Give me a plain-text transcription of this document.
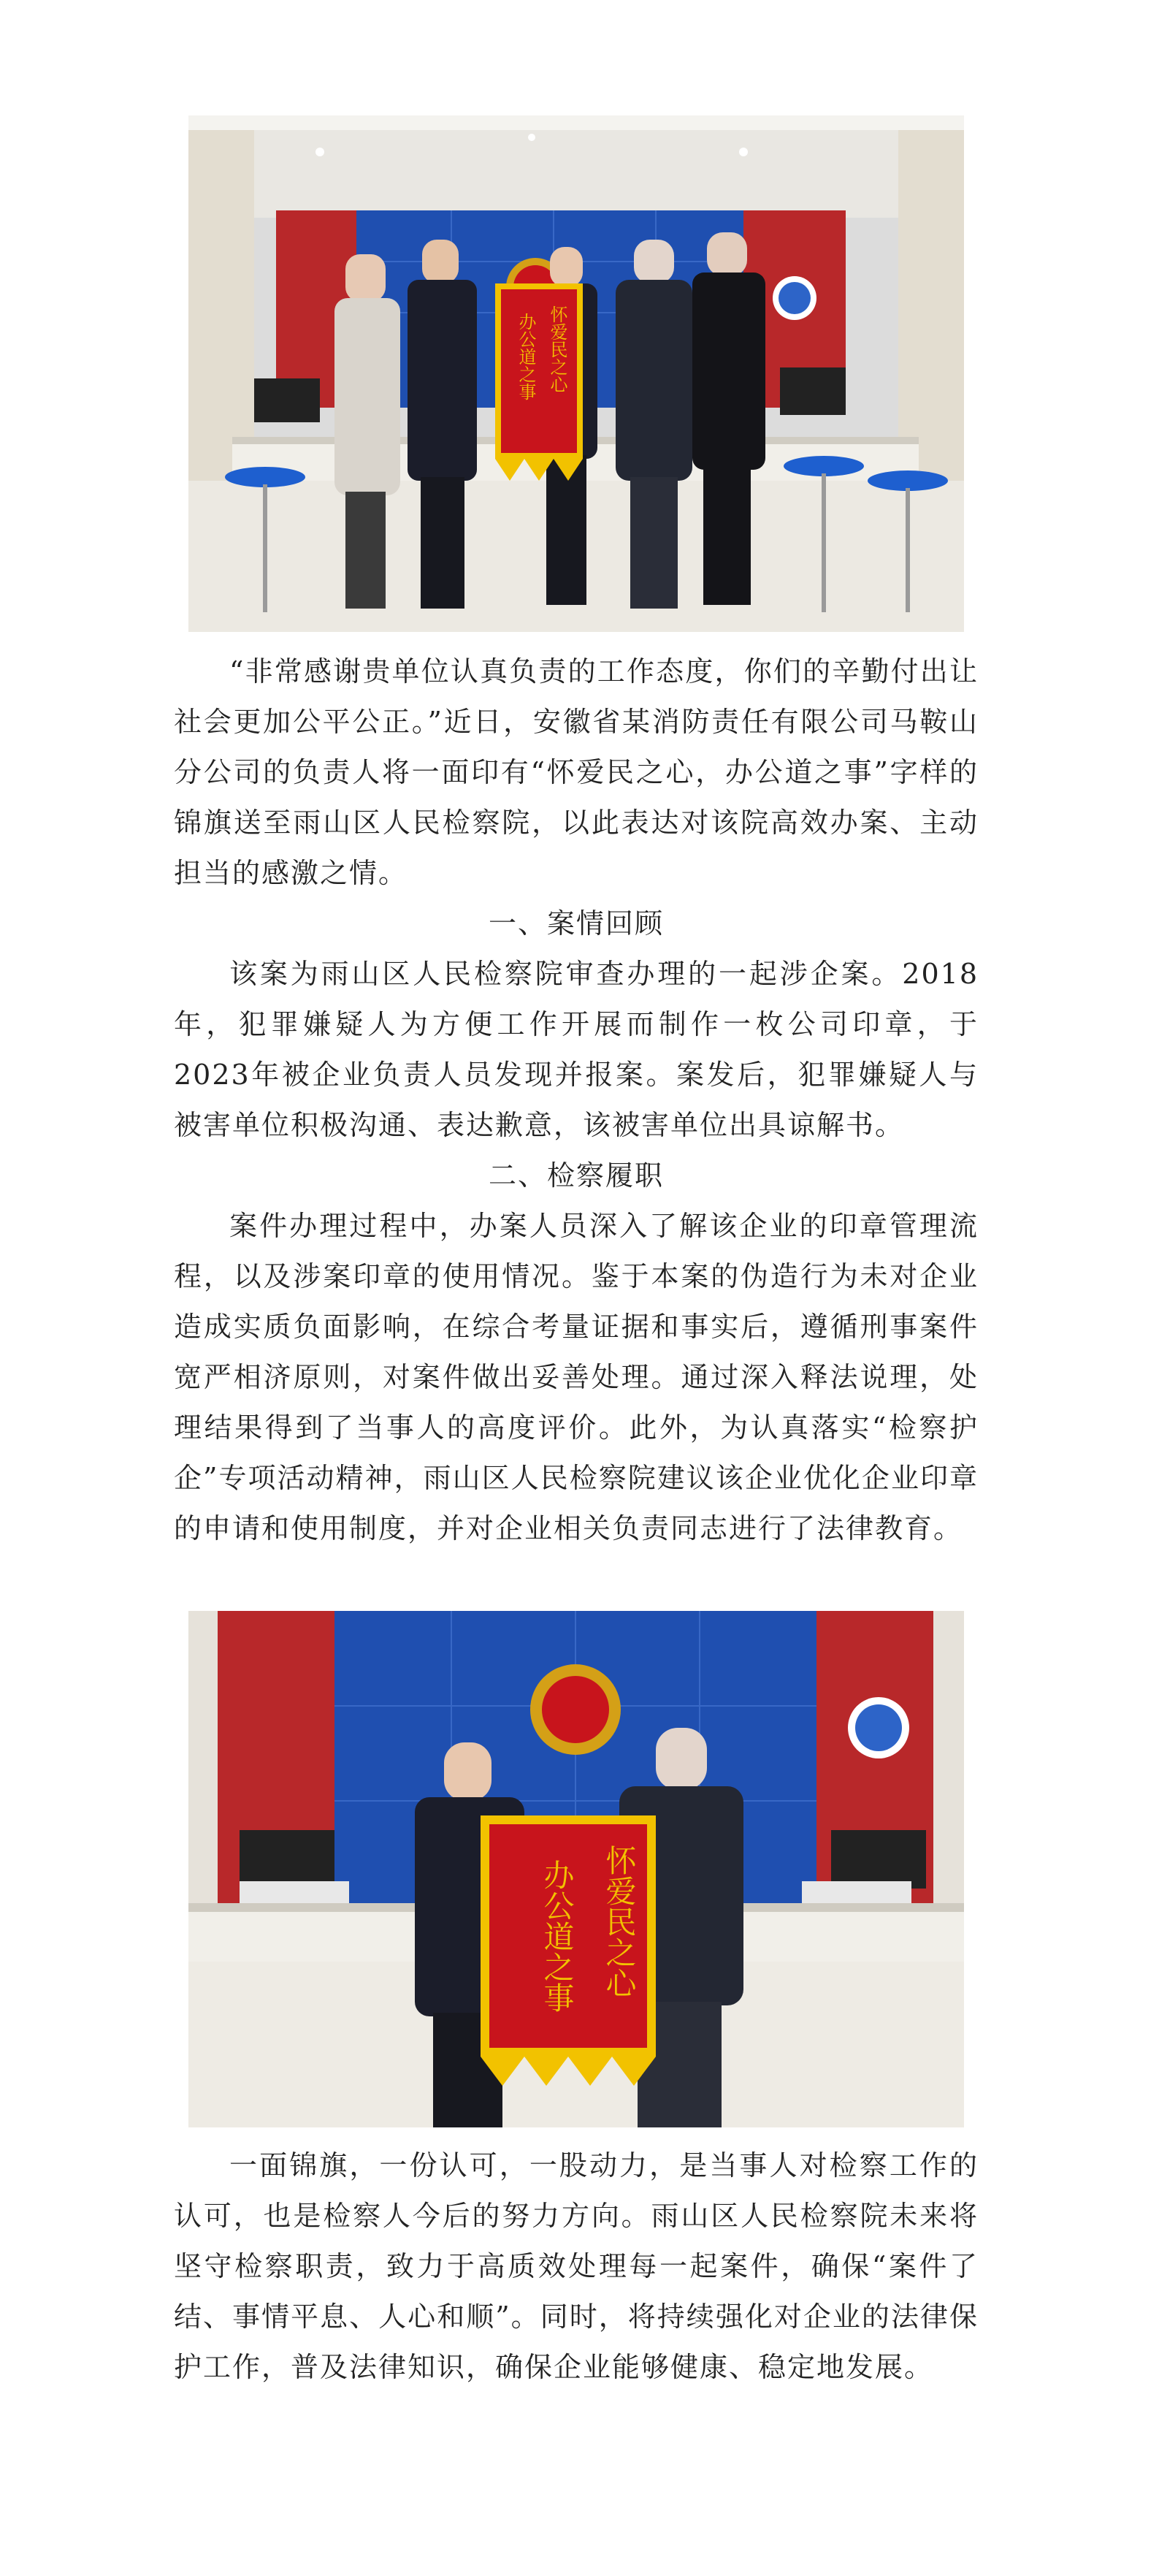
怀爱民之心
办公道之事

“非常感谢贵单位认真负责的工作态度，你们的辛勤付出让社会更加公平公正。”近日，安徽省某消防责任有限公司马鞍山分公司的负责人将一面印有“怀爱民之心，办公道之事”字样的锦旗送至雨山区人民检察院，以此表达对该院高效办案、主动担当的感激之情。

一、案情回顾

该案为雨山区人民检察院审查办理的一起涉企案。2018年，犯罪嫌疑人为方便工作开展而制作一枚公司印章，于2023年被企业负责人员发现并报案。案发后，犯罪嫌疑人与被害单位积极沟通、表达歉意，该被害单位出具谅解书。

二、检察履职

案件办理过程中，办案人员深入了解该企业的印章管理流程，以及涉案印章的使用情况。鉴于本案的伪造行为未对企业造成实质负面影响，在综合考量证据和事实后，遵循刑事案件宽严相济原则，对案件做出妥善处理。通过深入释法说理，处理结果得到了当事人的高度评价。此外，为认真落实“检察护企”专项活动精神，雨山区人民检察院建议该企业优化企业印章的申请和使用制度，并对企业相关负责同志进行了法律教育。

怀爱民之心
办公道之事

一面锦旗，一份认可，一股动力，是当事人对检察工作的认可，也是检察人今后的努力方向。雨山区人民检察院未来将坚守检察职责，致力于高质效处理每一起案件，确保“案件了结、事情平息、人心和顺”。同时，将持续强化对企业的法律保护工作，普及法律知识，确保企业能够健康、稳定地发展。
